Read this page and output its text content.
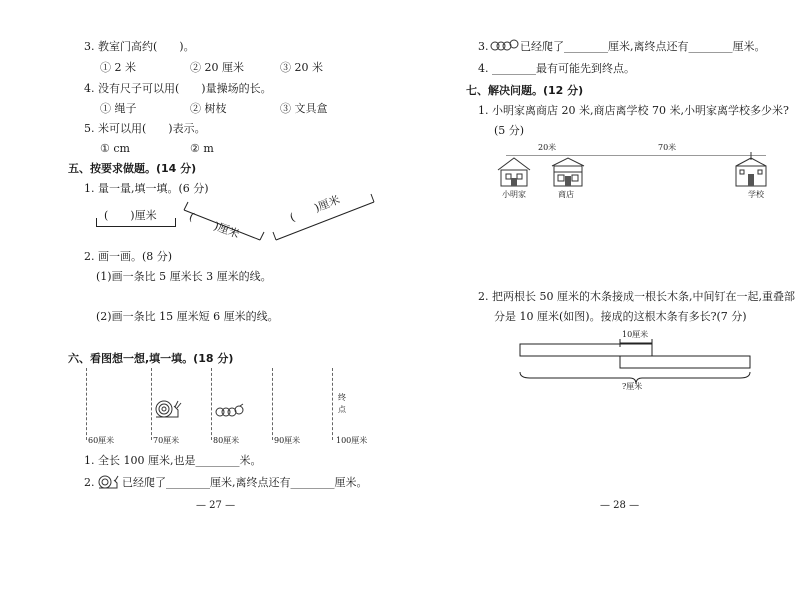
3. 教室门高约(　　)。
① 2 米	② 20 厘米	③ 20 米
4. 没有尺子可以用(　　)量操场的长。
① 绳子	② 树枝	③ 文具盒
5. 米可以用(　　)表示。
① cm	② m
五、按要求做题。(14 分)
1. 量一量,填一填。(6 分)
(　　)厘米	(　　)厘米
(　　)厘米
2. 画一画。(8 分)
(1)画一条比 5 厘米长 3 厘米的线。
(2)画一条比 15 厘米短 6 厘米的线。
六、看图想一想,填一填。(18 分)
60厘米	70厘米	80厘米	90厘米	100厘米
终点
1. 全长 100 厘米,也是________米。
2.	已经爬了________厘米,离终点还有________厘米。
— 27 —
3.	已经爬了________厘米,离终点还有________厘米。
4. ________最有可能先到终点。
七、解决问题。(12 分)
1. 小明家离商店 20 米,商店离学校 70 米,小明家离学校多少米?
(5 分)
20米	70米
小明家	商店	学校
2. 把两根长 50 厘米的木条接成一根长木条,中间钉在一起,重叠部
分是 10 厘米(如图)。接成的这根木条有多长?(7 分)
10厘米
?厘米
— 28 —
